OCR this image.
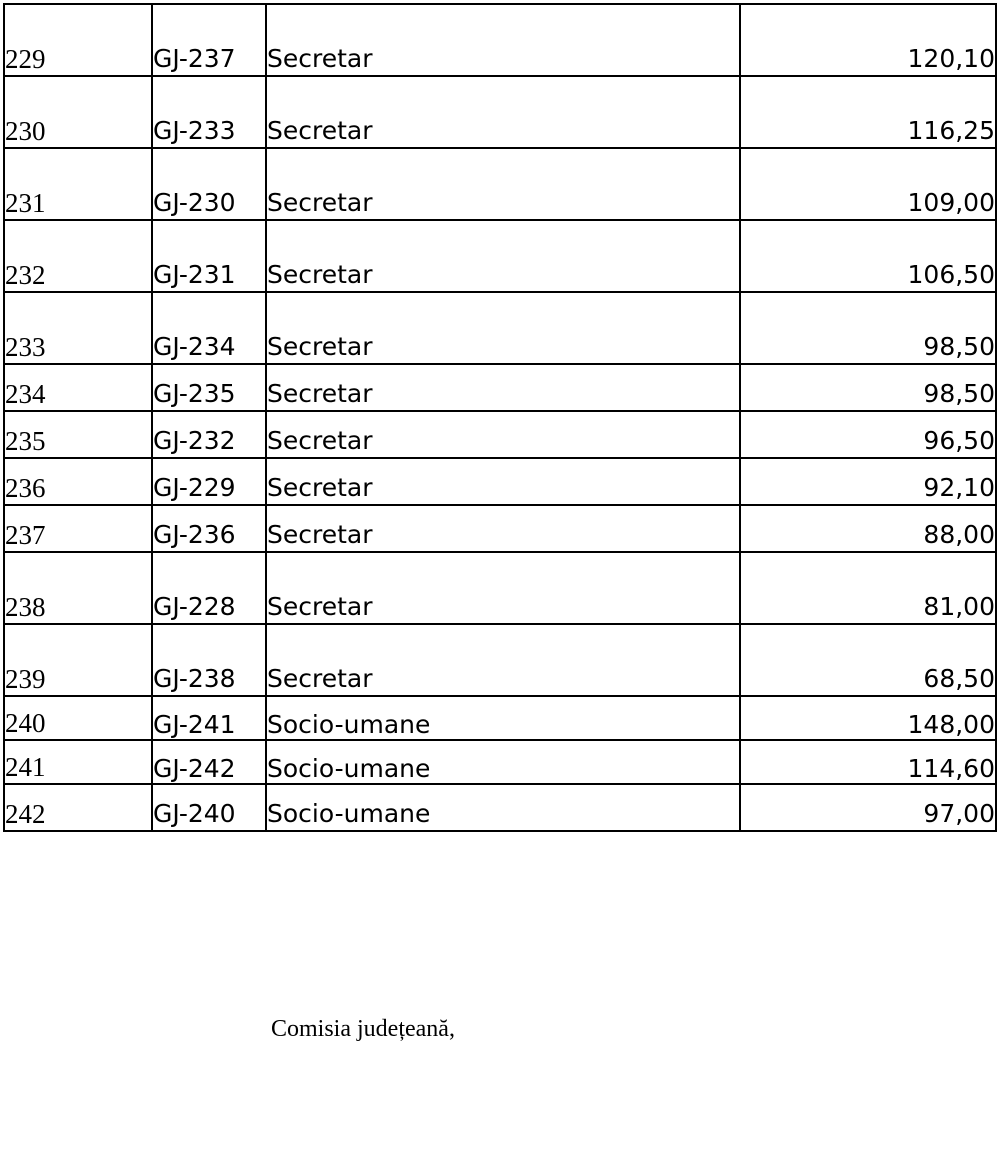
229	GJ-237	Secretar	120,10
230	GJ-233	Secretar	116,25
231	GJ-230	Secretar	109,00
232	GJ-231	Secretar	106,50
233	GJ-234	Secretar	98,50
234	GJ-235	Secretar	98,50
235	GJ-232	Secretar	96,50
236	GJ-229	Secretar	92,10
237	GJ-236	Secretar	88,00
238	GJ-228	Secretar	81,00
239	GJ-238	Secretar	68,50
240	GJ-241	Socio-umane	148,00
241	GJ-242	Socio-umane	114,60
242	GJ-240	Socio-umane	97,00
Comisia județeană,
